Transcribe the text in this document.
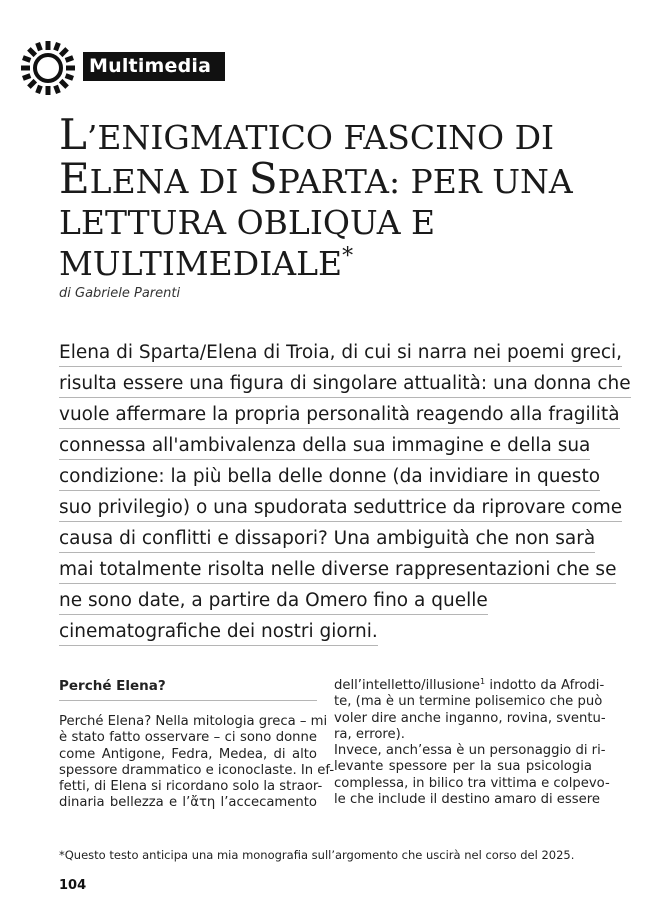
Multimedia
L’ENIGMATICO FASCINO DI
ELENA DI SPARTA: PER UNA
LETTURA OBLIQUA E
MULTIMEDIALE*
di Gabriele Parenti
Elena di Sparta/Elena di Troia, di cui si narra nei poemi greci,
risulta essere una figura di singolare attualità: una donna che
vuole affermare la propria personalità reagendo alla fragilità
connessa all'ambivalenza della sua immagine e della sua
condizione: la più bella delle donne (da invidiare in questo
suo privilegio) o una spudorata seduttrice da riprovare come
causa di conflitti e dissapori? Una ambiguità che non sarà
mai totalmente risolta nelle diverse rappresentazioni che se
ne sono date, a partire da Omero fino a quelle
cinematografiche dei nostri giorni.
Perché Elena?
Perché Elena? Nella mitologia greca – mi
è stato fatto osservare – ci sono donne
come Antigone, Fedra, Medea, di alto
spessore drammatico e iconoclaste. In ef-
fetti, di Elena si ricordano solo la straor-
dinaria bellezza e l’ἄτη l’accecamento
dell’intelletto/illusione$^1$ indotto da Afrodi-
te, (ma è un termine polisemico che può
voler dire anche inganno, rovina, sventu-
ra, errore).
Invece, anch’essa è un personaggio di ri-
levante spessore per la sua psicologia
complessa, in bilico tra vittima e colpevo-
le che include il destino amaro di essere
*Questo testo anticipa una mia monografia sull’argomento che uscirà nel corso del 2025.
104
